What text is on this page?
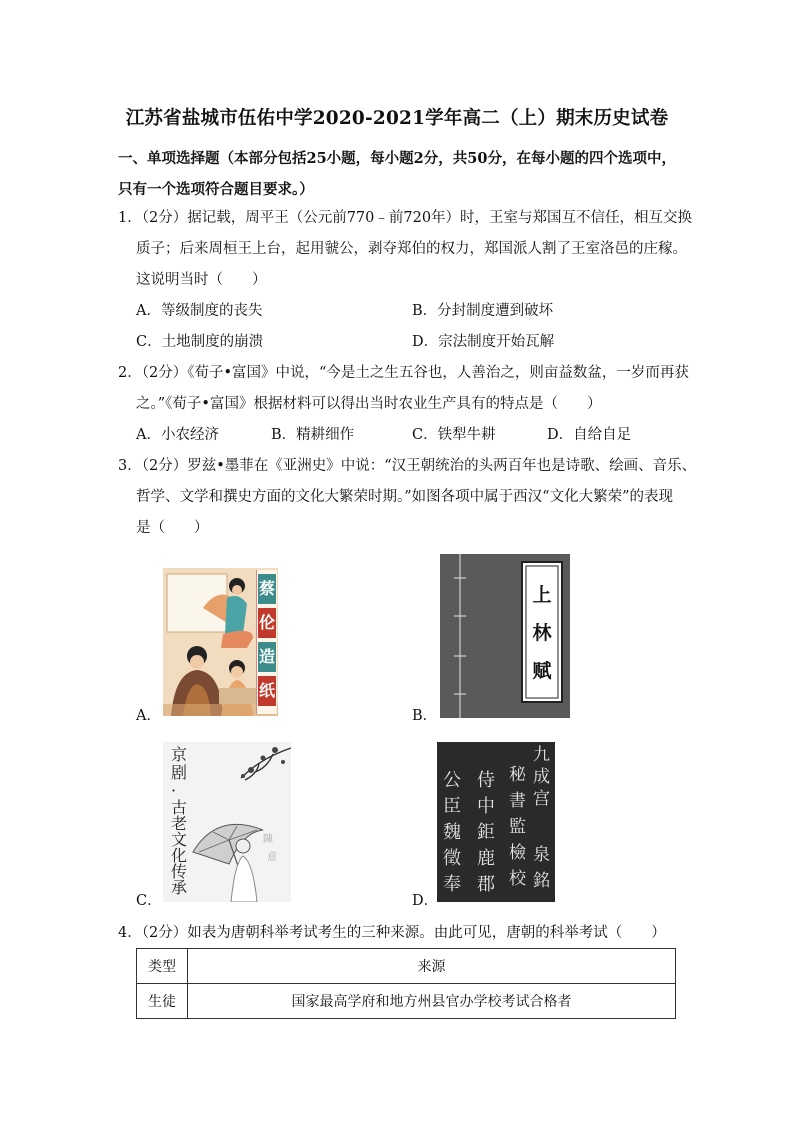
江苏省盐城市伍佑中学2020-2021学年高二（上）期末历史试卷
一、单项选择题（本部分包括25小题，每小题2分，共50分，在每小题的四个选项中，
只有一个选项符合题目要求。）
1．（2分）据记载，周平王（公元前770﹣前720年）时，王室与郑国互不信任，相互交换
质子；后来周桓王上台，起用虢公，剥夺郑伯的权力，郑国派人割了王室洛邑的庄稼。
这说明当时（　　）
A．等级制度的丧失	B．分封制度遭到破坏
C．土地制度的崩溃	D．宗法制度开始瓦解
2．（2分）《荀子•富国》中说，“今是土之生五谷也，人善治之，则亩益数盆，一岁而再获
之。”《荀子•富国》根据材料可以得出当时农业生产具有的特点是（　　）
A．小农经济	B．精耕细作	C．铁犁牛耕	D．自给自足
3．（2分）罗兹•墨菲在《亚洲史》中说：“汉王朝统治的头两百年也是诗歌、绘画、音乐、
哲学、文学和撰史方面的文化大繁荣时期。”如图各项中属于西汉“文化大繁荣”的表现
是（　　）
蔡
伦
造
纸
A．
上
林
赋
B．
陳
意
京
剧
·
古
老
文
化
传
承
C．
九
成
宫
秘
書
監
檢
校
侍
中
鉅
鹿
郡
公
臣
魏
徵
奉
泉
銘
D．
4．（2分）如表为唐朝科举考试考生的三种来源。由此可见，唐朝的科举考试（　　）
类型	来源
生徒	国家最高学府和地方州县官办学校考试合格者
